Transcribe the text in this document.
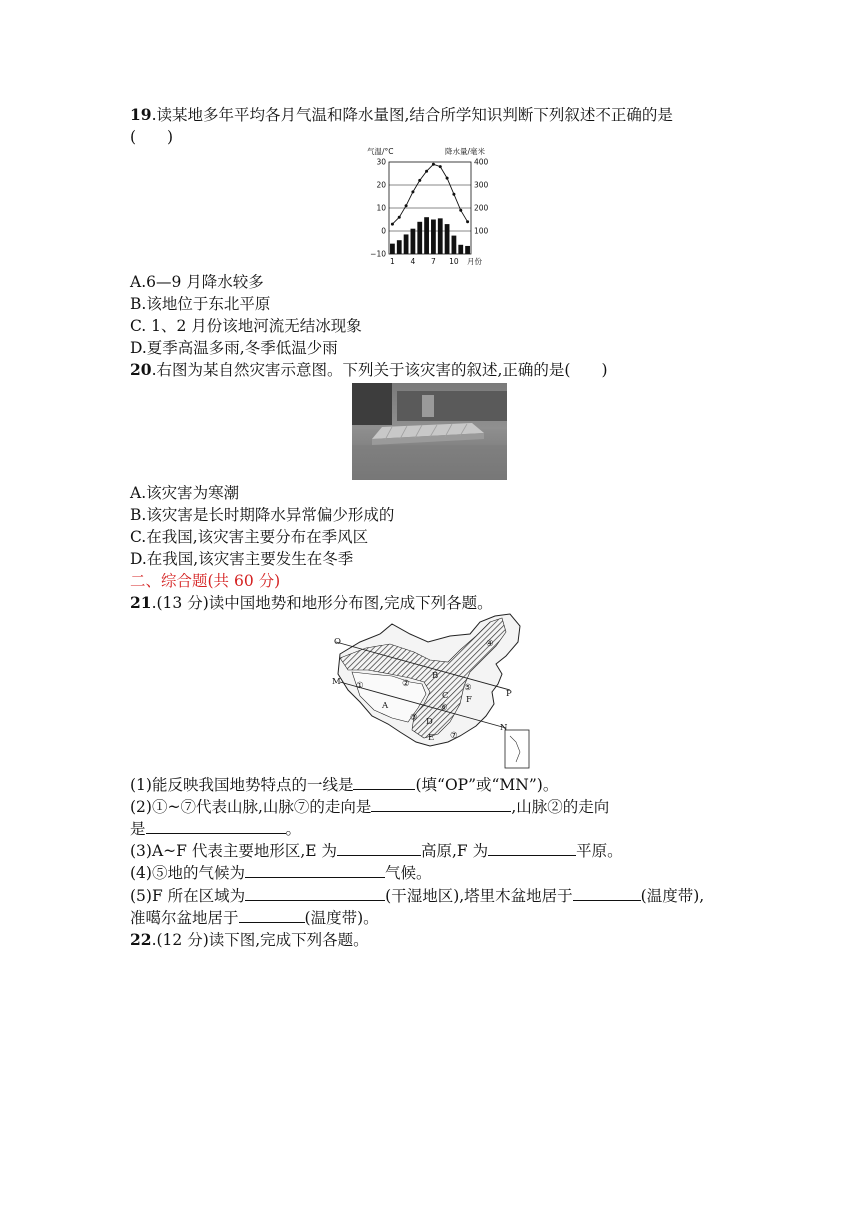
19.读某地多年平均各月气温和降水量图,结合所学知识判断下列叙述不正确的是
(　　)
气温/°C	降水量/毫米
30
20
10
0
−10
400
300
200
100
1 4 7 10 月份
A.6—9 月降水较多
B.该地位于东北平原
C. 1、2 月份该地河流无结冰现象
D.夏季高温多雨,冬季低温少雨
20.右图为某自然灾害示意图。下列关于该灾害的叙述,正确的是(　　)
A.该灾害为寒潮
B.该灾害是长时期降水异常偏少形成的
C.在我国,该灾害主要分布在季风区
D.在我国,该灾害主要发生在冬季
二、综合题(共 60 分)
21.(13 分)读中国地势和地形分布图,完成下列各题。
O
M
P
N
①	②
③
④
⑤
⑥
⑦
A
B
C
D
E
F
(1)能反映我国地势特点的一线是	(填“OP”或“MN”)。
(2)①~⑦代表山脉,山脉⑦的走向是	,山脉②的走向
是	。
(3)A~F 代表主要地形区,E 为	高原,F 为	平原。
(4)⑤地的气候为	气候。
(5)F 所在区域为	(干湿地区),塔里木盆地居于	(温度带),
准噶尔盆地居于	(温度带)。
22.(12 分)读下图,完成下列各题。
